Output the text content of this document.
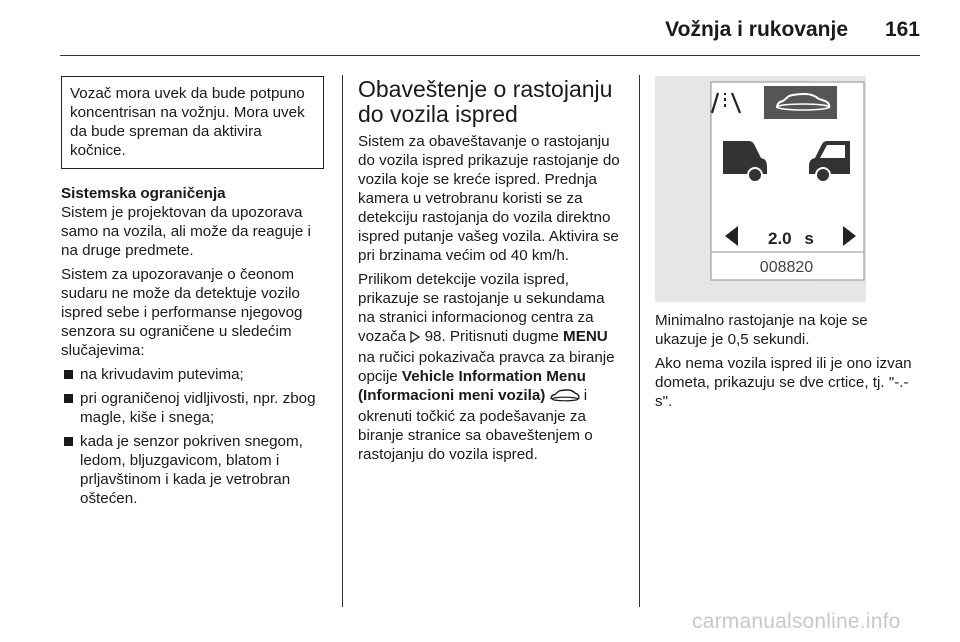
Vožnja i rukovanje 161
Vozač mora uvek da bude potpuno koncentrisan na vožnju. Mora uvek da bude spreman da aktivira kočnice.

Sistemska ograničenja

Sistem je projektovan da upozorava samo na vozila, ali može da reaguje i na druge predmete.

Sistem za upozoravanje o čeonom sudaru ne može da detektuje vozilo ispred sebe i performanse njegovog senzora su ograničene u sledećim slučajevima:

na krivudavim putevima;
pri ograničenoj vidljivosti, npr. zbog magle, kiše i snega;
kada je senzor pokriven snegom, ledom, bljuzgavicom, blatom i prljavštinom i kada je vetrobran oštećen.
Obaveštenje o rastojanju do vozila ispred

Sistem za obaveštavanje o rastojanju do vozila ispred prikazuje rastojanje do vozila koje se kreće ispred. Prednja kamera u vetrobranu koristi se za detekciju rastojanja do vozila direktno ispred putanje vašeg vozila. Aktivira se pri brzinama većim od 40 km/h.

Prilikom detekcije vozila ispred, prikazuje se rastojanje u sekundama na stranici informacionog centra za vozača  98. Pritisnuti dugme MENU na ručici pokazivača pravca za biranje opcije Vehicle Information Menu (Informacioni meni vozila)  i okrenuti točkić za podešavanje za biranje stranice sa obaveštenjem o rastojanju do vozila ispred.

Minimalno rastojanje na koje se ukazuje je 0,5 sekundi.

Ako nema vozila ispred ili je ono izvan dometa, prikazuju se dve crtice, tj. "-.- s".

2.0 s
008820
carmanualsonline.info
